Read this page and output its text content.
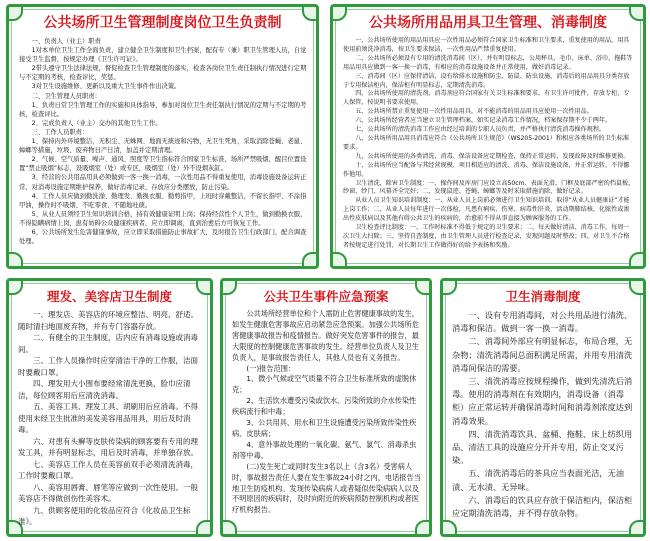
公共场所卫生管理制度岗位卫生负责制

一、负责人（业主）职责

1对本单位卫生工作全面负责，建立健全卫生制度和卫生档案，配有专（兼）职卫生管理人员，自觉接受卫生监督，按规定办理《卫生许可证》。

2带头遵守卫生法律法规，督促检查卫生管理制度的落实，检查各岗位卫生责任制执行情况进行定期与不定期的考核，检查评比，奖惩。

3对卫生设施维修、更新以及重大卫生事件作出决策。

二、卫生管理人员职责：

1、负责日常卫生管理工作的实施和具体指导，参加对岗位卫生责任制执行情况的定期与不定期的考核，检查评比。

2、完成负责人（业主）交办的其他卫生工作。

三、工作人员职责：

1、保持内外环境整洁，无积尘、无蛛网、地面无痰迹和污物，无卫生死角，采取消除苍蝇、老鼠、蟑螂等措施，垃圾、废弃物日产日清，加盖并定期清理。

2、气候、空气质量、噪声、通风、照度等卫生指标符合国家卫生标准，场所严禁吸烟，醒目位置设置“禁止吸烟”标志，设吸烟室（处）或专区，吸烟室（处）外不设烟灰缸。

3、经营的公共用品用具必须做到一客一换一消毒，一次性用品不得重复使用，消毒设施设备运转正常，对消毒设施定期维护保养，做好消毒记录，存放应分类摆放，防止污染。

4、工作人员应做到勤洗澡、勤理发、勤换衣服、勤剪指甲，上班时穿戴整洁，不留长指甲、不涂指甲油，操作时不吸烟、不吃零食、不随地吐痰。

5、从业人员须经卫生知识培训合格，持有效健康证明上岗；保持经营性个人卫生，做到勤换衣服，不得隐瞒病情上岗，患有妨碍公众健康疾病者，应立即调离，直到治愈后方可恢复工作。

6、公共场所发生危害健康事故，应立即采取措施防止事故扩大，及时报告卫生行政部门，配合调查处理。

公共场所用品用具卫生管理、消毒制度

一、公共场所使用的用品用具应一次性用品必须符合国家卫生标准和卫生要求，重复使用的用品、用具使用前须洗净消毒，按卫生要求保洁，一次性用品严禁重复使用。

二、公共场所必须设有专用的清洗消毒间（区），并有明显标志，公用杯具、毛巾、床单、浴巾、拖鞋等用品用具应做到一客一换一消毒，有相应的消毒设施设备并正常使用，做好消毒记录。

三、消毒间（区）应保持清洁，设有给排水设施和防尘、防鼠、防虫设施，消毒后的用品用具分类存放于专用保洁柜内，保洁柜有明显标志，定期清洗消毒。

四、公共场所使用的清洗剂、消毒剂应符合国家有关卫生标准和要求，有卫生许可批件，存放专柜，专人保管，按说明书要求使用。

五、公共场所禁止重复使用一次性用品用具，对不能消毒的用品用具应使用一次性用品。

六、公共场所经营者应当建立卫生管理档案，如实记录消毒工作情况，档案保存期不少于两年。

七、公共场所的清洗消毒工作应由经过培训的专职人员负责，并严格执行清洗消毒操作规程。

八、公共场所用品用具消毒应符合《公共场所卫生规范》（WS205-2001）和相应各类场所的卫生标准要求。

九、公共场所使用的各类清洗、消毒、保洁设备应定期检查，保持正常运转，发现故障及时维修更换。

十、公共场所应当配备与其经营规模、项目相适应的清洗、消毒、保洁设施设备，并正常运转，不得挪作他用。

卫生清洗、除害卫生制度：一、操作间及库房门应设立高50cm、表面光滑、门框及底部严密的挡鼠板，纱窗、纱门、风幕齐全完好；二、发现鼠迹、苍蝇、蟑螂等及时采取措施消除，做好记录。

从业人员卫生知识培训制度：一、从业人员上岗前必须进行卫生知识培训，取得“从业人员健康证”才能上岗工作；二、从业人员每年进行一次体检，凡患有痢疾、伤寒、病毒性肝炎、活动期肺结核、化脓性或渗出性皮肤病以及其他有碍公共卫生的疾病的，治愈前不得从事直接为顾客服务的工作。

卫生检查评比制度：一、工作时标准不得低于规定的卫生要求；二、每天做好清洁、消毒工作，每周一次卫生大扫除；三、坚持自查制度，由卫生管理人员进行检查记录，发现问题及时整改；四、对卫生不合格者按规定进行处罚，对长期卫生工作做得好的给予表扬和奖励。

理发、美容店卫生制度

一、理发店、美容店的环境应整洁、明亮、舒适。随时清扫地面废弃物，并有专门容器存放。

二、有健全的卫生制度，店内应有消毒设施或消毒间。

三、工作人员操作时应穿清洁干净的工作服，洁面时要戴口罩。

四、理发用大小围布要经常清洗更换，脸巾应清洁，每位顾客用后应清洗消毒。

五、美容工具、理发工具、胡刷用后应消毒。不得使用未经卫生批准的美发美容用品用具，用后及时消毒。

六、对患有头癣等皮肤传染病的顾客要有专用的理发工具，并有明显标志，用后及时消毒，并单独存放。

七、美容店工作人员在美容前双手必须清洗消毒，工作时要戴口罩。

八、美容用唇膏、唇笔等应做到一次性使用。一般美容店不得做创伤性美容术。

九、供顾客使用的化妆品应符合《化妆品卫生标准》。

公共卫生事件应急预案

公共场所经营单位和个人需防止危害健康事故的发生，如发生健康危害事故应启动紧急应急预案。加强公共场所危害健康事故报告和疫情报告。做好突发危害事件的报告，最大限度的控制健康危害事故的发生。经营单位负责人及卫生负责人，是事故报告责任人，其他人员也有义务报告。

(一)报告范围：

1、微小气候或空气质量不符合卫生标准所致的虚脱休克；

2、生活饮水遭受污染或饮水、污染所致的介水传染性疾病流行和中毒；

3、公共用具、用水和卫生设施遭受污染所致传染性疾病、皮肤病；

4、意外事故处理的一氧化碳、氨气、氯气、消毒杀虫剂等中毒。

(二)发生死亡或同时发生3名以上（含3名）受害病人时，事故报告责任人要在发生事故24小时之内，电话报告当地卫生防疫机构。发现传染病病人或者疑似传染病病人以及不明原因的疾病时，及时向附近的疾病预防控制机构或者医疗机构报告。

卫生消毒制度

一、设有专用消毒间，对公共用品进行清洗、消毒和保洁。做到一客一换一消毒。

二、消毒间外部应有明显标志，布局合理，无杂物；清洗消毒间总面积满足所需，并用专用清洗消毒间保洁的需要。

三、清洗消毒应按规程操作，做到先清洗后消毒。使用的消毒剂在有效期内，消毒设备（消毒柜）应正常运转并确保消毒时间和消毒剂浓度达到消毒效果。

四、清洗消毒饮具、盆桶、拖鞋、床上纺织用品、清洁工具的设施应分开并专用，防止交叉污染。

五、清洗消毒后的茶具应当表面光洁，无油渍、无水渍、无异味。

六、消毒后的饮具应存放于保洁柜内，保洁柜应定期清洗消毒，并不得存放杂物。
